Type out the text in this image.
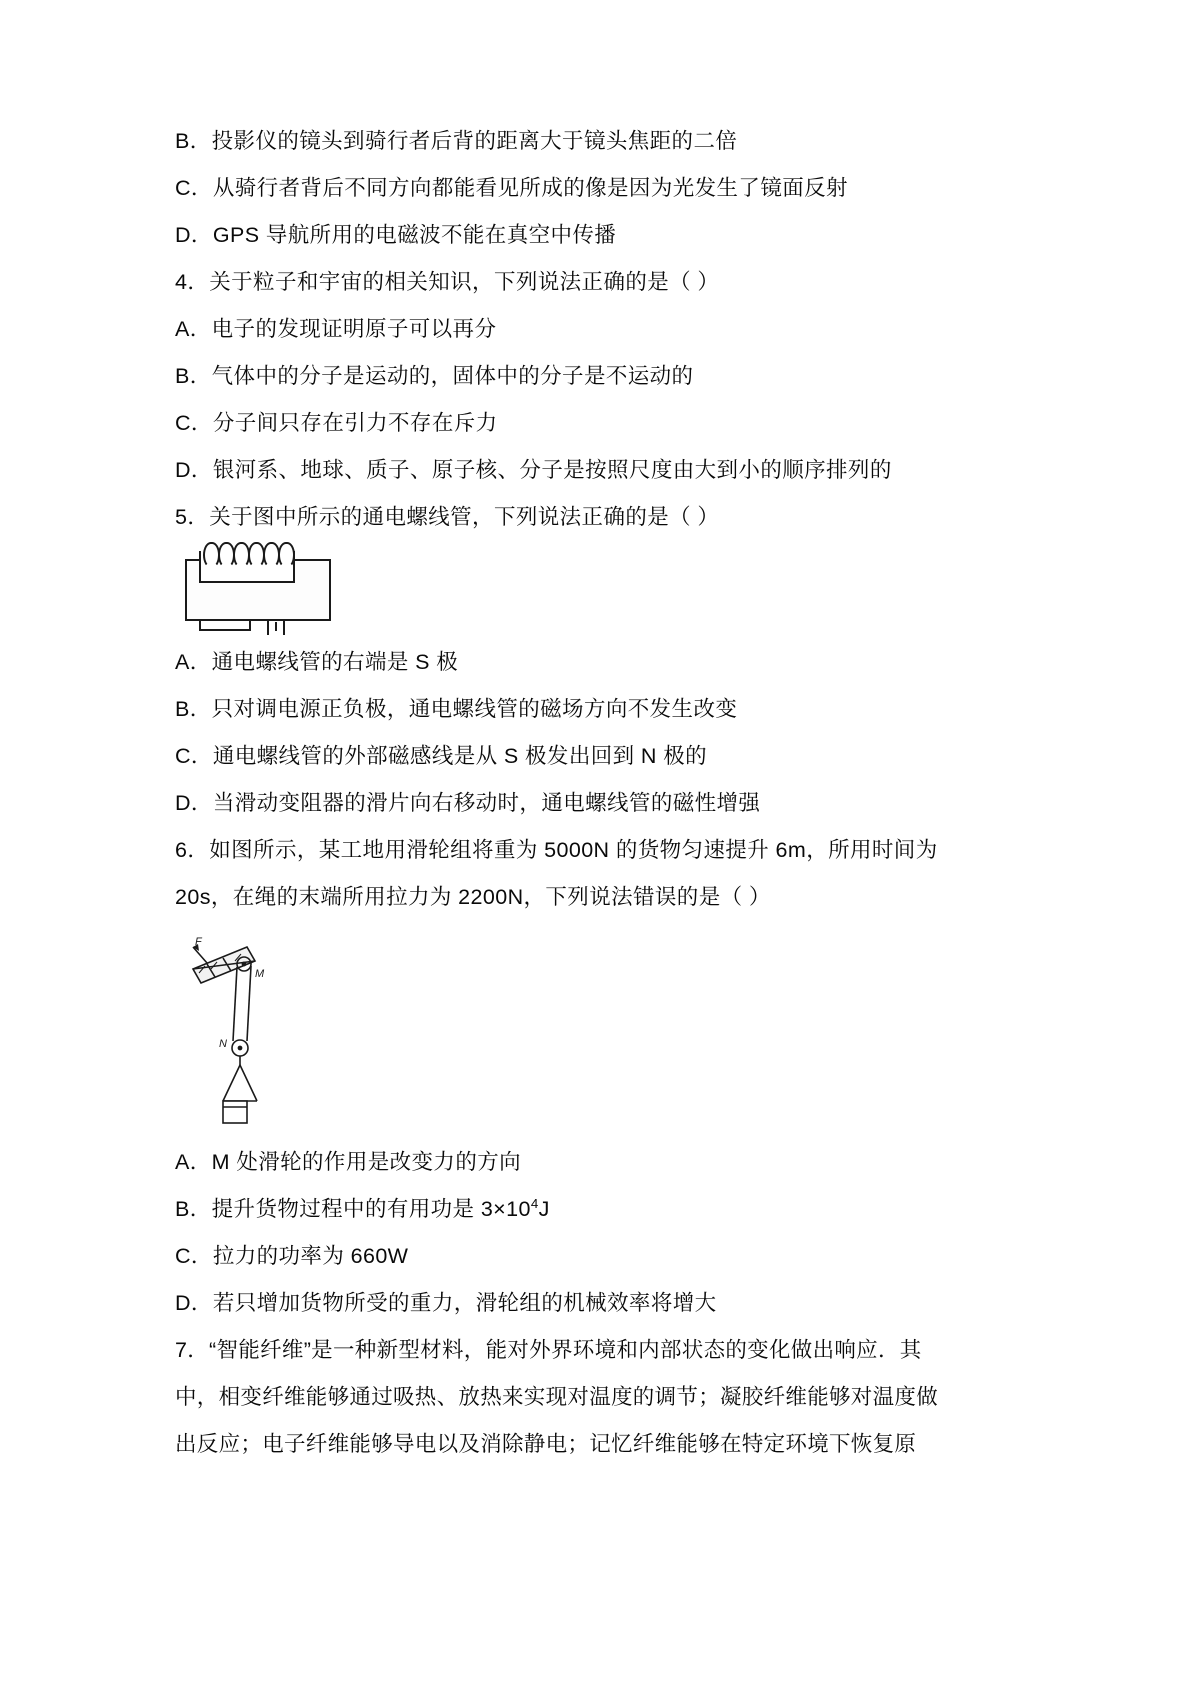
B．投影仪的镜头到骑行者后背的距离大于镜头焦距的二倍
C．从骑行者背后不同方向都能看见所成的像是因为光发生了镜面反射
D．GPS 导航所用的电磁波不能在真空中传播
4．关于粒子和宇宙的相关知识，下列说法正确的是（ ）
A．电子的发现证明原子可以再分
B．气体中的分子是运动的，固体中的分子是不运动的
C．分子间只存在引力不存在斥力
D．银河系、地球、质子、原子核、分子是按照尺度由大到小的顺序排列的
5．关于图中所示的通电螺线管，下列说法正确的是（ ）
A．通电螺线管的右端是 S 极
B．只对调电源正负极，通电螺线管的磁场方向不发生改变
C．通电螺线管的外部磁感线是从 S 极发出回到 N 极的
D．当滑动变阻器的滑片向右移动时，通电螺线管的磁性增强
6．如图所示，某工地用滑轮组将重为 5000N 的货物匀速提升 6m，所用时间为
20s，在绳的末端所用拉力为 2200N，下列说法错误的是（ ）
F
M
N
A．M 处滑轮的作用是改变力的方向
B．提升货物过程中的有用功是 $3\times 10^4J$
C．拉力的功率为 660W
D．若只增加货物所受的重力，滑轮组的机械效率将增大
7．“智能纤维”是一种新型材料，能对外界环境和内部状态的变化做出响应．其
中，相变纤维能够通过吸热、放热来实现对温度的调节；凝胶纤维能够对温度做
出反应；电子纤维能够导电以及消除静电；记忆纤维能够在特定环境下恢复原
